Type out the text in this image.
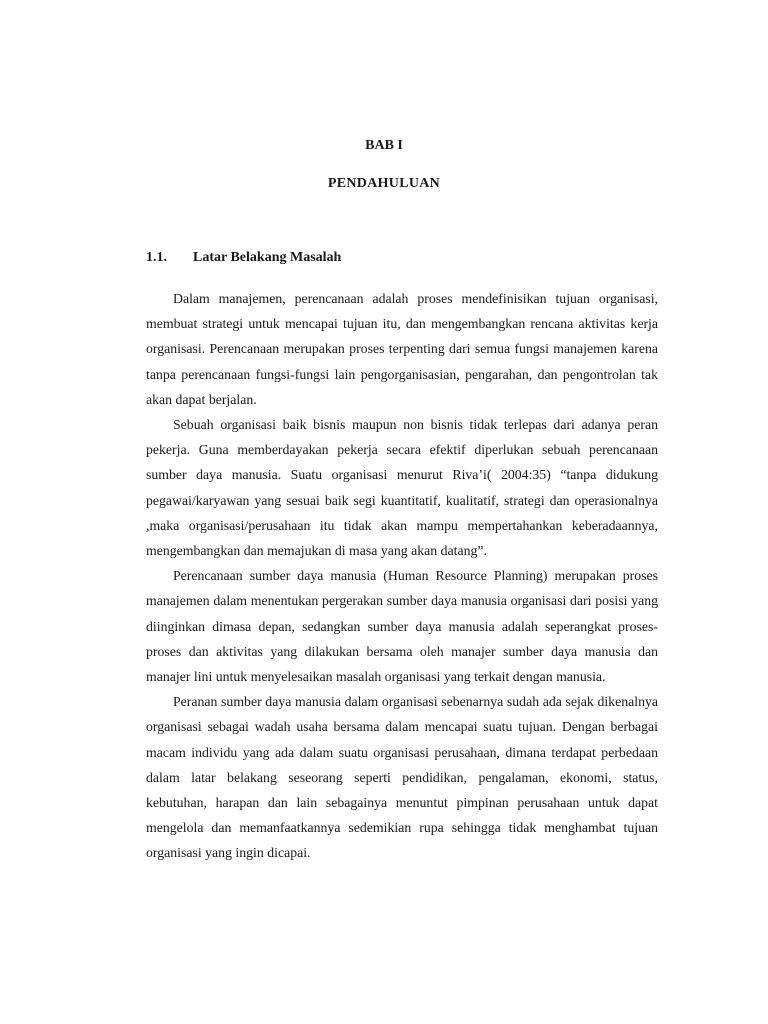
BAB I
PENDAHULUAN
1.1. Latar Belakang Masalah

Dalam manajemen, perencanaan adalah proses mendefinisikan tujuan organisasi, membuat strategi untuk mencapai tujuan itu, dan mengembangkan rencana aktivitas kerja organisasi. Perencanaan merupakan proses terpenting dari semua fungsi manajemen karena tanpa perencanaan fungsi-fungsi lain pengorganisasian, pengarahan, dan pengontrolan tak akan dapat berjalan.

Sebuah organisasi baik bisnis maupun non bisnis tidak terlepas dari adanya peran pekerja. Guna memberdayakan pekerja secara efektif diperlukan sebuah perencanaan sumber daya manusia. Suatu organisasi menurut Riva’i( 2004:35) “tanpa didukung pegawai/karyawan yang sesuai baik segi kuantitatif, kualitatif, strategi dan operasionalnya ,maka organisasi/perusahaan itu tidak akan mampu mempertahankan keberadaannya, mengembangkan dan memajukan di masa yang akan datang”.

Perencanaan sumber daya manusia (Human Resource Planning) merupakan proses manajemen dalam menentukan pergerakan sumber daya manusia organisasi dari posisi yang diinginkan dimasa depan, sedangkan sumber daya manusia adalah seperangkat proses-proses dan aktivitas yang dilakukan bersama oleh manajer sumber daya manusia dan manajer lini untuk menyelesaikan masalah organisasi yang terkait dengan manusia.

Peranan sumber daya manusia dalam organisasi sebenarnya sudah ada sejak dikenalnya organisasi sebagai wadah usaha bersama dalam mencapai suatu tujuan. Dengan berbagai macam individu yang ada dalam suatu organisasi perusahaan, dimana terdapat perbedaan dalam latar belakang seseorang seperti pendidikan, pengalaman, ekonomi, status, kebutuhan, harapan dan lain sebagainya menuntut pimpinan perusahaan untuk dapat mengelola dan memanfaatkannya sedemikian rupa sehingga tidak menghambat tujuan organisasi yang ingin dicapai.
